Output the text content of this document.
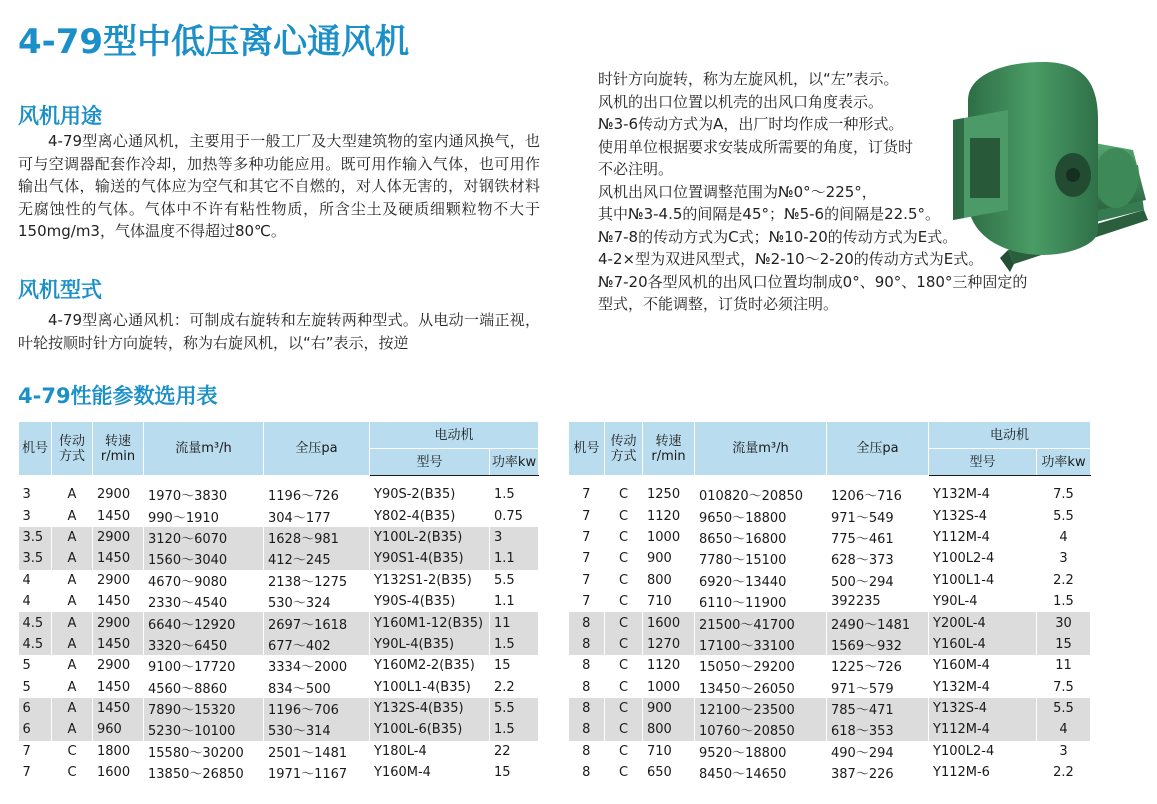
4-79型中低压离心通风机
风机用途

4-79型离心通风机，主要用于一般工厂及大型建筑物的室内通风换气，也可与空调器配套作冷却，加热等多种功能应用。既可用作输入气体，也可用作输出气体，输送的气体应为空气和其它不自燃的，对人体无害的，对钢铁材料无腐蚀性的气体。气体中不许有粘性物质，所含尘土及硬质细颗粒物不大于150mg/m3，气体温度不得超过80℃。

风机型式

4-79型离心通风机：可制成右旋转和左旋转两种型式。从电动一端正视，叶轮按顺时针方向旋转，称为右旋风机，以“右”表示，按逆

时针方向旋转，称为左旋风机，以“左”表示。

风机的出口位置以机壳的出风口角度表示。

№3-6传动方式为A，出厂时均作成一种形式。

使用单位根据要求安装成所需要的角度，订货时

不必注明。

风机出风口位置调整范围为№0°～225°，

其中№3-4.5的间隔是45°；№5-6的间隔是22.5°。

№7-8的传动方式为C式；№10-20的传动方式为E式。

4-2×型为双进风型式，№2-10～2-20的传动方式为E式。

№7-20各型风机的出风口位置均制成0°、90°、180°三种固定的

型式，不能调整，订货时必须注明。

4-79性能参数选用表
机号	传动方式	转速r/min	流量m³/h	全压pa	电动机	
					型号	功率kw

3	A	2900	1970～3830	1196～726	Y90S-2(B35)	1.5
3	A	1450	990～1910	304～177	Y802-4(B35)	0.75
3.5	A	2900	3120～6070	1628～981	Y100L-2(B35)	3
3.5	A	1450	1560～3040	412～245	Y90S1-4(B35)	1.1
4	A	2900	4670～9080	2138～1275	Y132S1-2(B35)	5.5
4	A	1450	2330～4540	530～324	Y90S-4(B35)	1.1
4.5	A	2900	6640～12920	2697～1618	Y160M1-12(B35)	11
4.5	A	1450	3320～6450	677～402	Y90L-4(B35)	1.5
5	A	2900	9100～17720	3334～2000	Y160M2-2(B35)	15
5	A	1450	4560～8860	834～500	Y100L1-4(B35)	2.2
6	A	1450	7890～15320	1196～706	Y132S-4(B35)	5.5
6	A	960	5230～10100	530～314	Y100L-6(B35)	1.5
7	C	1800	15580～30200	2501～1481	Y180L-4	22
7	C	1600	13850～26850	1971～1167	Y160M-4	15
机号	传动方式	转速r/min	流量m³/h	全压pa	电动机	
					型号	功率kw

7	C	1250	010820～20850	1206～716	Y132M-4	7.5
7	C	1120	9650～18800	971～549	Y132S-4	5.5
7	C	1000	8650～16800	775～461	Y112M-4	4
7	C	900	7780～15100	628～373	Y100L2-4	3
7	C	800	6920～13440	500～294	Y100L1-4	2.2
7	C	710	6110～11900	392235	Y90L-4	1.5
8	C	1600	21500～41700	2490～1481	Y200L-4	30
8	C	1270	17100～33100	1569～932	Y160L-4	15
8	C	1120	15050～29200	1225～726	Y160M-4	11
8	C	1000	13450～26050	971～579	Y132M-4	7.5
8	C	900	12100～23500	785～471	Y132S-4	5.5
8	C	800	10760～20850	618～353	Y112M-4	4
8	C	710	9520～18800	490～294	Y100L2-4	3
8	C	650	8450～14650	387～226	Y112M-6	2.2
